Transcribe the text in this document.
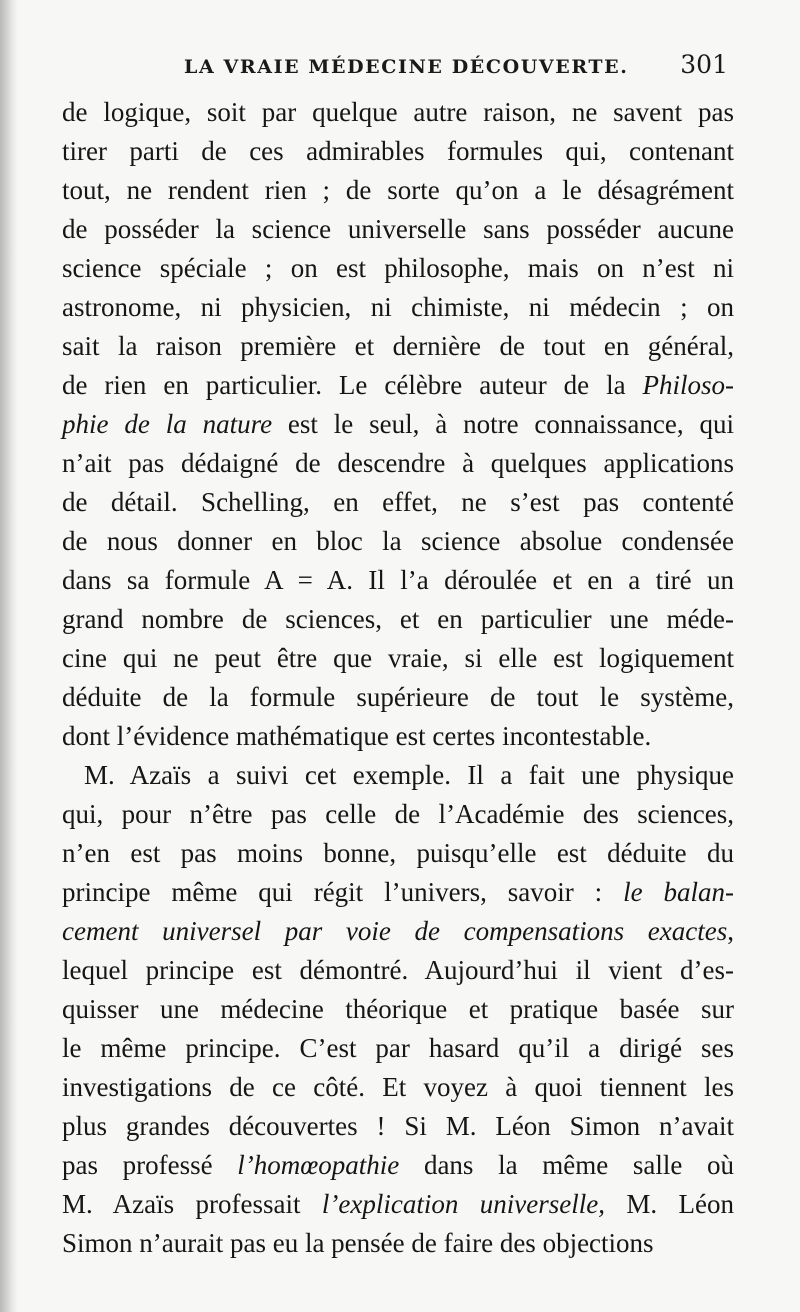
LA VRAIE MÉDECINE DÉCOUVERTE. 301
de logique, soit par quelque autre raison, ne savent pas
tirer parti de ces admirables formules qui, contenant
tout, ne rendent rien ; de sorte qu’on a le désagrément
de posséder la science universelle sans posséder aucune
science spéciale ; on est philosophe, mais on n’est ni
astronome, ni physicien, ni chimiste, ni médecin ; on
sait la raison première et dernière de tout en général,
de rien en particulier. Le célèbre auteur de la Philoso-
phie de la nature est le seul, à notre connaissance, qui
n’ait pas dédaigné de descendre à quelques applications
de détail. Schelling, en effet, ne s’est pas contenté
de nous donner en bloc la science absolue condensée
dans sa formule A = A. Il l’a déroulée et en a tiré un
grand nombre de sciences, et en particulier une méde-
cine qui ne peut être que vraie, si elle est logiquement
déduite de la formule supérieure de tout le système,
dont l’évidence mathématique est certes incontestable.
M. Azaïs a suivi cet exemple. Il a fait une physique
qui, pour n’être pas celle de l’Académie des sciences,
n’en est pas moins bonne, puisqu’elle est déduite du
principe même qui régit l’univers, savoir : le balan-
cement universel par voie de compensations exactes,
lequel principe est démontré. Aujourd’hui il vient d’es-
quisser une médecine théorique et pratique basée sur
le même principe. C’est par hasard qu’il a dirigé ses
investigations de ce côté. Et voyez à quoi tiennent les
plus grandes découvertes ! Si M. Léon Simon n’avait
pas professé l’homœopathie dans la même salle où
M. Azaïs professait l’explication universelle, M. Léon
Simon n’aurait pas eu la pensée de faire des objections
